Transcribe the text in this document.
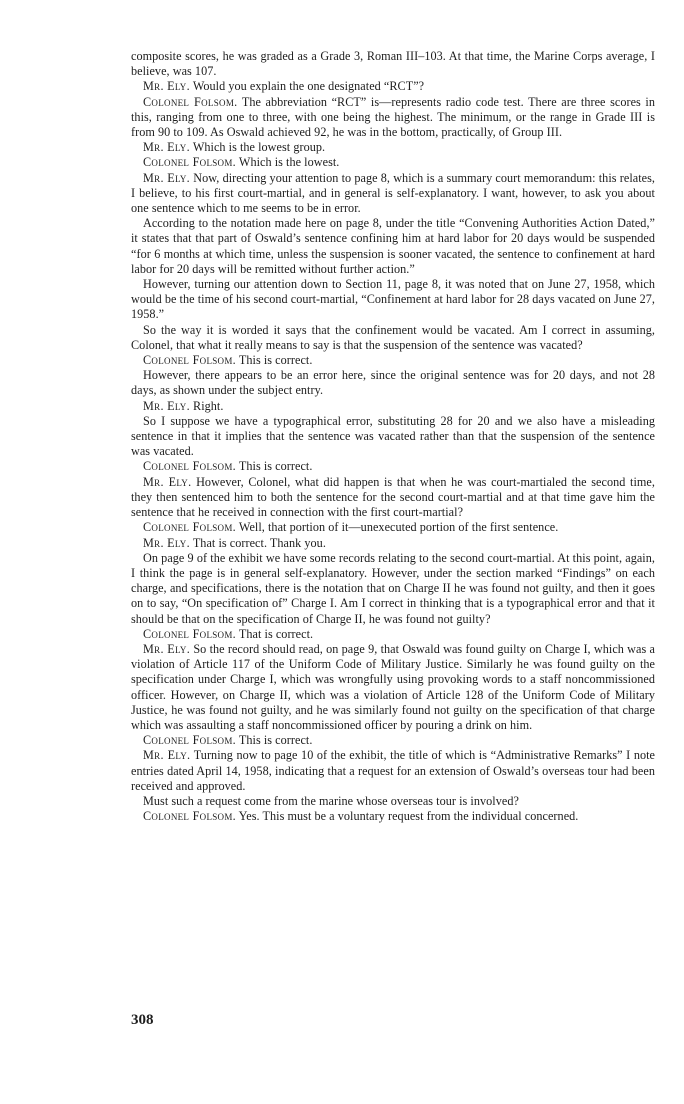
composite scores, he was graded as a Grade 3, Roman III–103. At that time, the Marine Corps average, I believe, was 107.

Mr. Ely. Would you explain the one designated “RCT”?

Colonel Folsom. The abbreviation “RCT” is—represents radio code test. There are three scores in this, ranging from one to three, with one being the highest. The minimum, or the range in Grade III is from 90 to 109. As Oswald achieved 92, he was in the bottom, practically, of Group III.

Mr. Ely. Which is the lowest group.

Colonel Folsom. Which is the lowest.

Mr. Ely. Now, directing your attention to page 8, which is a summary court memorandum: this relates, I believe, to his first court-martial, and in general is self-explanatory. I want, however, to ask you about one sentence which to me seems to be in error.

According to the notation made here on page 8, under the title “Convening Authorities Action Dated,” it states that that part of Oswald’s sentence confining him at hard labor for 20 days would be suspended “for 6 months at which time, unless the suspension is sooner vacated, the sentence to confinement at hard labor for 20 days will be remitted without further action.”

However, turning our attention down to Section 11, page 8, it was noted that on June 27, 1958, which would be the time of his second court-martial, “Confinement at hard labor for 28 days vacated on June 27, 1958.”

So the way it is worded it says that the confinement would be vacated. Am I correct in assuming, Colonel, that what it really means to say is that the suspension of the sentence was vacated?

Colonel Folsom. This is correct.

However, there appears to be an error here, since the original sentence was for 20 days, and not 28 days, as shown under the subject entry.

Mr. Ely. Right.

So I suppose we have a typographical error, substituting 28 for 20 and we also have a misleading sentence in that it implies that the sentence was vacated rather than that the suspension of the sentence was vacated.

Colonel Folsom. This is correct.

Mr. Ely. However, Colonel, what did happen is that when he was court-martialed the second time, they then sentenced him to both the sentence for the second court-martial and at that time gave him the sentence that he received in connection with the first court-martial?

Colonel Folsom. Well, that portion of it—unexecuted portion of the first sentence.

Mr. Ely. That is correct. Thank you.

On page 9 of the exhibit we have some records relating to the second court-martial. At this point, again, I think the page is in general self-explanatory. However, under the section marked “Findings” on each charge, and specifications, there is the notation that on Charge II he was found not guilty, and then it goes on to say, “On specification of” Charge I. Am I correct in thinking that is a typographical error and that it should be that on the specification of Charge II, he was found not guilty?

Colonel Folsom. That is correct.

Mr. Ely. So the record should read, on page 9, that Oswald was found guilty on Charge I, which was a violation of Article 117 of the Uniform Code of Military Justice. Similarly he was found guilty on the specification under Charge I, which was wrongfully using provoking words to a staff noncommissioned officer. However, on Charge II, which was a violation of Article 128 of the Uniform Code of Military Justice, he was found not guilty, and he was similarly found not guilty on the specification of that charge which was assaulting a staff noncommissioned officer by pouring a drink on him.

Colonel Folsom. This is correct.

Mr. Ely. Turning now to page 10 of the exhibit, the title of which is “Administrative Remarks” I note entries dated April 14, 1958, indicating that a request for an extension of Oswald’s overseas tour had been received and approved.

Must such a request come from the marine whose overseas tour is involved?

Colonel Folsom. Yes. This must be a voluntary request from the individual concerned.

308
